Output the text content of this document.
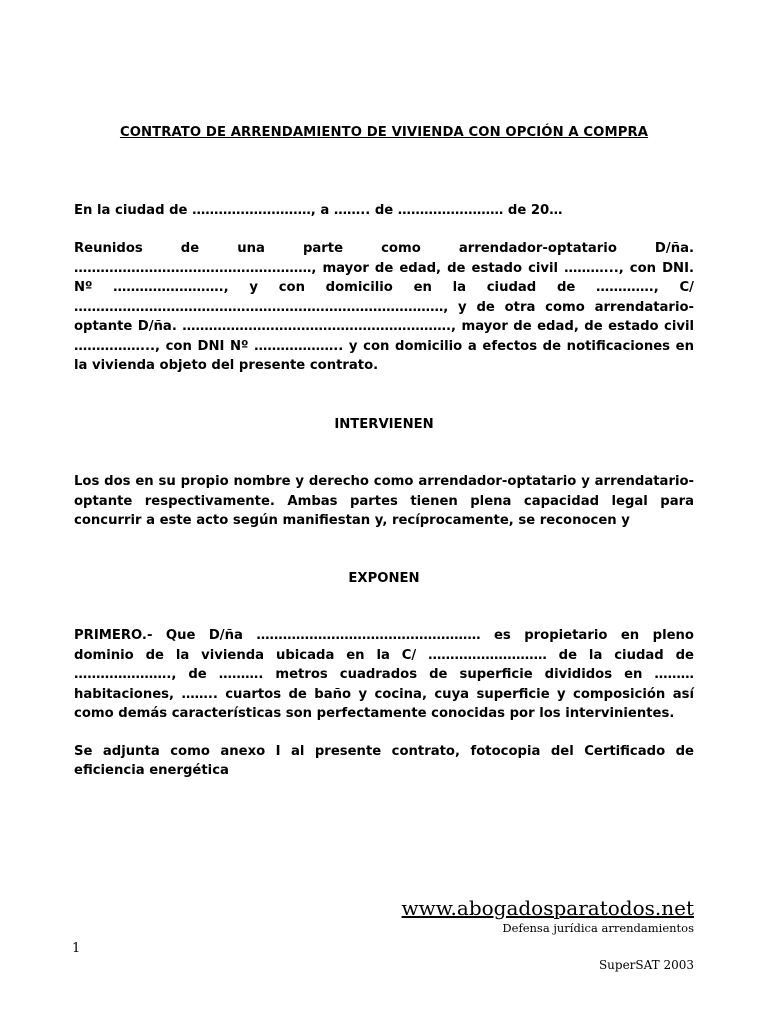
CONTRATO DE ARRENDAMIENTO DE VIVIENDA CON OPCIÓN A COMPRA

En la ciudad de ………………………, a …….. de …………………… de 20…

Reunidos de una parte como arrendador-optatario D/ña. ………………………………………………, mayor de edad, de estado civil ………..., con DNI. Nº ……………………., y con domicilio en la ciudad de …………., C/ …………………………………………………………………………, y de otra como arrendatario-optante D/ña. ……………………………………………………., mayor de edad, de estado civil ……………..., con DNI Nº ……………….. y con domicilio a efectos de notificaciones en la vivienda objeto del presente contrato.

INTERVIENEN

Los dos en su propio nombre y derecho como arrendador-optatario y arrendatario-optante respectivamente. Ambas partes tienen plena capacidad legal para concurrir a este acto según manifiestan y, recíprocamente, se reconocen y

EXPONEN

PRIMERO.- Que D/ña …………………………………………… es propietario en pleno dominio de la vivienda ubicada en la C/ ……………………… de la ciudad de …………………., de ………. metros cuadrados de superficie divididos en ……… habitaciones, …….. cuartos de baño y cocina, cuya superficie y composición así como demás características son perfectamente conocidas por los intervinientes.

Se adjunta como anexo I al presente contrato, fotocopia del Certificado de eficiencia energética

www.abogadosparatodos.net
Defensa jurídica arrendamientos
1
SuperSAT 2003
